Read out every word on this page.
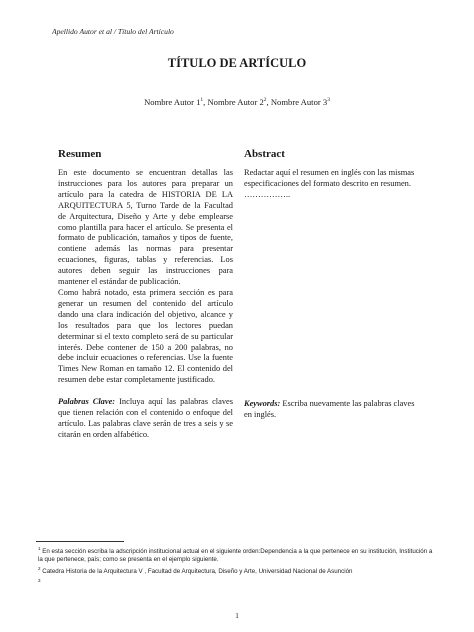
Apellido Autor et al / Título del Artículo
TÍTULO DE ARTÍCULO
Nombre Autor $1^1$, Nombre Autor $2^2$, Nombre Autor $3^3$
Resumen

En este documento se encuentran detallas las instrucciones para los autores para preparar un artículo para la catedra de HISTORIA DE LA ARQUITECTURA 5, Turno Tarde de la Facultad de Arquitectura, Diseño y Arte y debe emplearse como plantilla para hacer el artículo. Se presenta el formato de publicación, tamaños y tipos de fuente, contiene además las normas para presentar ecuaciones, figuras, tablas y referencias. Los autores deben seguir las instrucciones para mantener el estándar de publicación.

Como habrá notado, esta primera sección es para generar un resumen del contenido del artículo dando una clara indicación del objetivo, alcance y los resultados para que los lectores puedan determinar si el texto completo será de su particular interés. Debe contener de 150 a 200 palabras, no debe incluir ecuaciones o referencias. Use la fuente Times New Roman en tamaño 12. El contenido del resumen debe estar completamente justificado.

Palabras Clave: Incluya aquí las palabras claves que tienen relación con el contenido o enfoque del artículo. Las palabras clave serán de tres a seis y se citarán en orden alfabético.

Abstract

Redactar aquí el resumen en inglés con las mismas especificaciones del formato descrito en resumen. ……………..

Keywords: Escriba nuevamente las palabras claves en inglés.

$^1$ En esta sección escriba la adscripción institucional actual en el siguiente orden:Dependencia a la que pertenece en su institución, Institución a la que pertenece, país; como se presenta en el ejemplo siguiente.
$^2$ Catedra Historia de la Arquitectura V , Facultad de Arquitectura, Diseño y Arte, Universidad Nacional de Asunción
$^3$
1
